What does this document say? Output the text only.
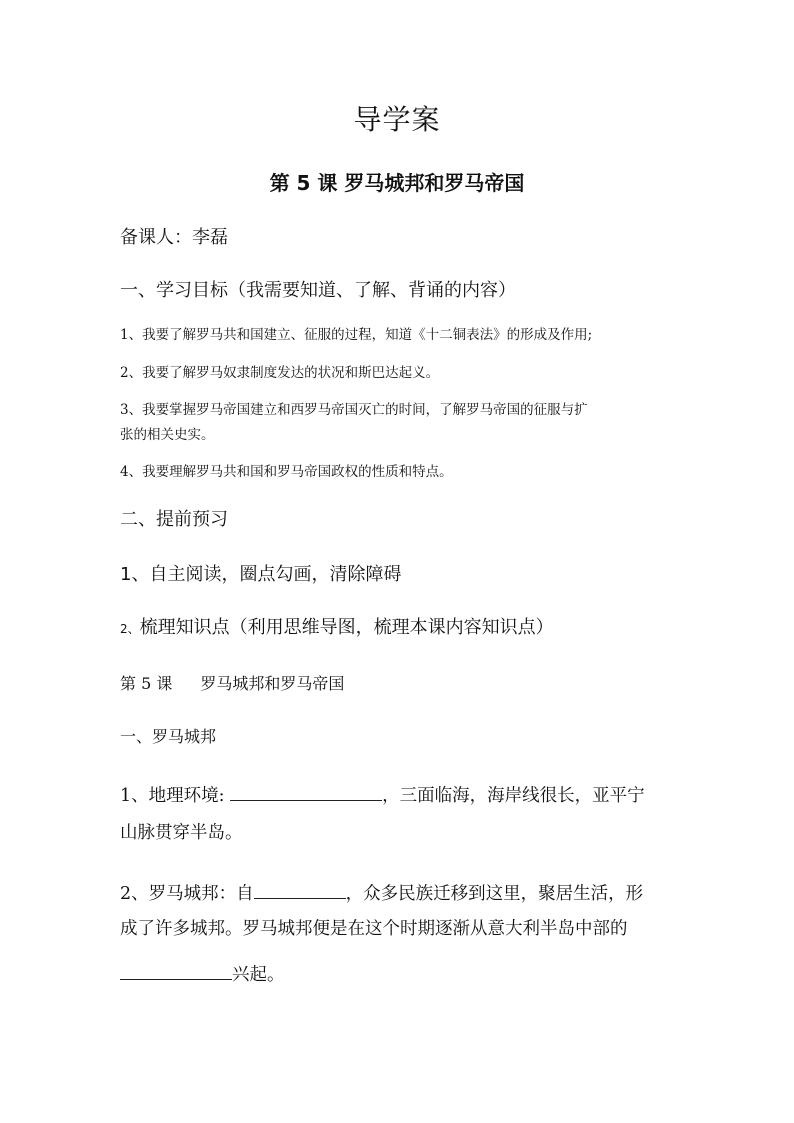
导学案
第 5 课 罗马城邦和罗马帝国
备课人：李磊
一、学习目标（我需要知道、了解、背诵的内容）
1、我要了解罗马共和国建立、征服的过程，知道《十二铜表法》的形成及作用;
2、我要了解罗马奴隶制度发达的状况和斯巴达起义。
3、我要掌握罗马帝国建立和西罗马帝国灭亡的时间，了解罗马帝国的征服与扩
张的相关史实。
4、我要理解罗马共和国和罗马帝国政权的性质和特点。
二、提前预习
1、自主阅读，圈点勾画，清除障碍
2、梳理知识点（利用思维导图，梳理本课内容知识点）
第 5 课 罗马城邦和罗马帝国
一、罗马城邦
1、地理环境:	，三面临海，海岸线很长，亚平宁
山脉贯穿半岛。
2、罗马城邦：自	，众多民族迁移到这里，聚居生活，形
成了许多城邦。罗马城邦便是在这个时期逐渐从意大利半岛中部的
兴起。
